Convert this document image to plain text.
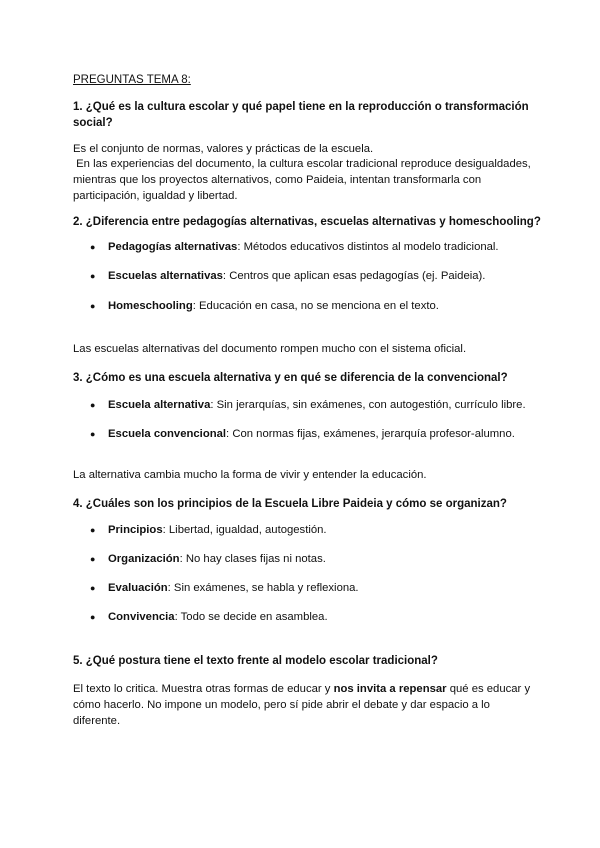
PREGUNTAS TEMA 8:
1. ¿Qué es la cultura escolar y qué papel tiene en la reproducción o transformación social?
Es el conjunto de normas, valores y prácticas de la escuela.
En las experiencias del documento, la cultura escolar tradicional reproduce desigualdades, mientras que los proyectos alternativos, como Paideia, intentan transformarla con participación, igualdad y libertad.
2. ¿Diferencia entre pedagogías alternativas, escuelas alternativas y homeschooling?
● Pedagogías alternativas: Métodos educativos distintos al modelo tradicional.
● Escuelas alternativas: Centros que aplican esas pedagogías (ej. Paideia).
● Homeschooling: Educación en casa, no se menciona en el texto.
Las escuelas alternativas del documento rompen mucho con el sistema oficial.
3. ¿Cómo es una escuela alternativa y en qué se diferencia de la convencional?
● Escuela alternativa: Sin jerarquías, sin exámenes, con autogestión, currículo libre.
● Escuela convencional: Con normas fijas, exámenes, jerarquía profesor-alumno.
La alternativa cambia mucho la forma de vivir y entender la educación.
4. ¿Cuáles son los principios de la Escuela Libre Paideia y cómo se organizan?
● Principios: Libertad, igualdad, autogestión.
● Organización: No hay clases fijas ni notas.
● Evaluación: Sin exámenes, se habla y reflexiona.
● Convivencia: Todo se decide en asamblea.
5. ¿Qué postura tiene el texto frente al modelo escolar tradicional?
El texto lo critica. Muestra otras formas de educar y nos invita a repensar qué es educar y cómo hacerlo. No impone un modelo, pero sí pide abrir el debate y dar espacio a lo diferente.
